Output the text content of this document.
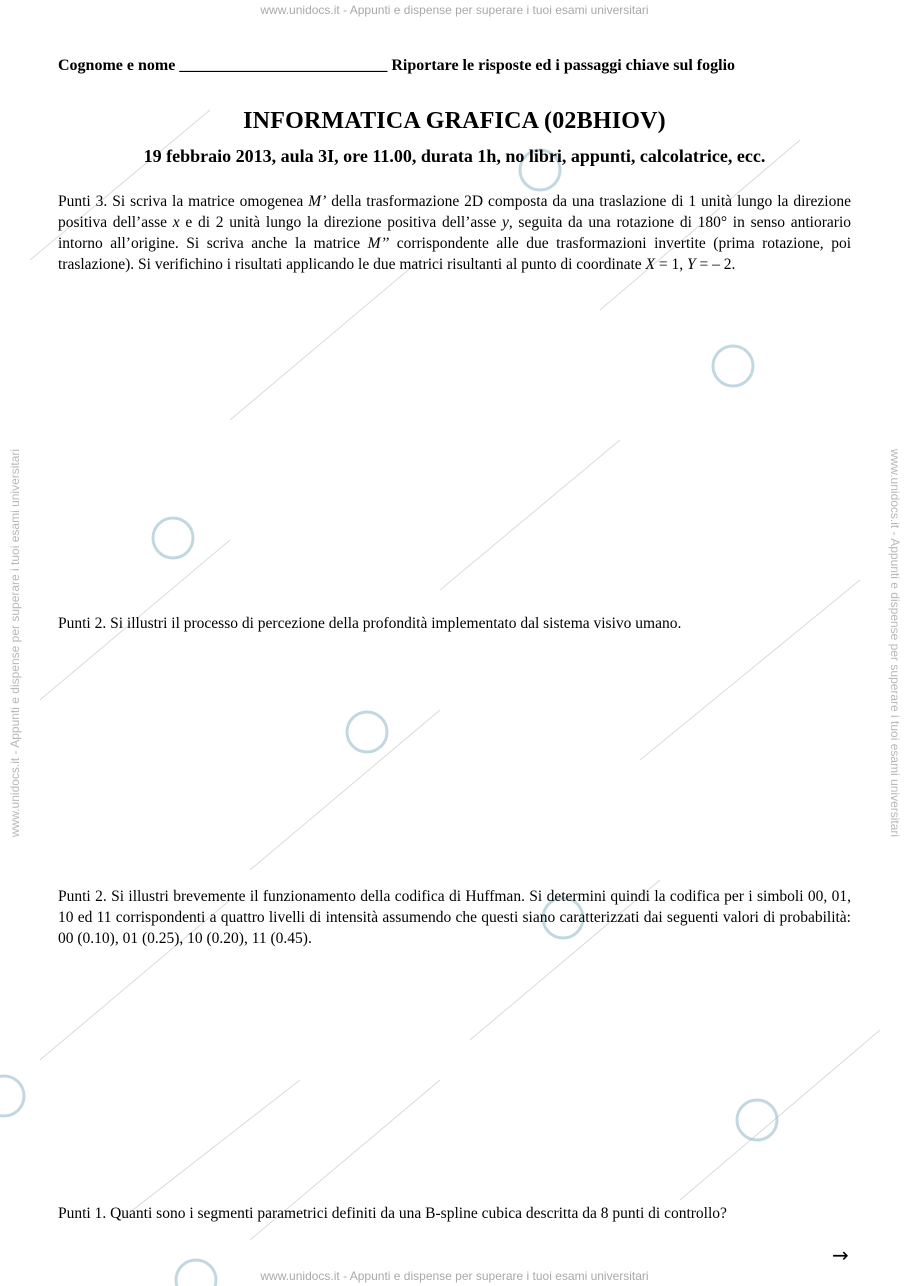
www.unidocs.it - Appunti e dispense per superare i tuoi esami universitari
www.unidocs.it - Appunti e dispense per superare i tuoi esami universitari
www.unidocs.it - Appunti e dispense per superare i tuoi esami universitari	www.unidocs.it - Appunti e dispense per superare i tuoi esami universitari
Cognome e nome __________________________ Riportare le risposte ed i passaggi chiave sul foglio
INFORMATICA GRAFICA (02BHIOV)
19 febbraio 2013, aula 3I, ore 11.00, durata 1h, no libri, appunti, calcolatrice, ecc.
Punti 3. Si scriva la matrice omogenea M’ della trasformazione 2D composta da una traslazione di 1 unità lungo la direzione positiva dell’asse x e di 2 unità lungo la direzione positiva dell’asse y, seguita da una rotazione di 180° in senso antiorario intorno all’origine. Si scriva anche la matrice M’’ corrispondente alle due trasformazioni invertite (prima rotazione, poi traslazione). Si verifichino i risultati applicando le due matrici risultanti al punto di coordinate X = 1, Y = – 2.
Punti 2. Si illustri il processo di percezione della profondità implementato dal sistema visivo umano.
Punti 2. Si illustri brevemente il funzionamento della codifica di Huffman. Si determini quindi la codifica per i simboli 00, 01, 10 ed 11 corrispondenti a quattro livelli di intensità assumendo che questi siano caratterizzati dai seguenti valori di probabilità: 00 (0.10), 01 (0.25), 10 (0.20), 11 (0.45).
Punti 1. Quanti sono i segmenti parametrici definiti da una B-spline cubica descritta da 8 punti di controllo?
→
